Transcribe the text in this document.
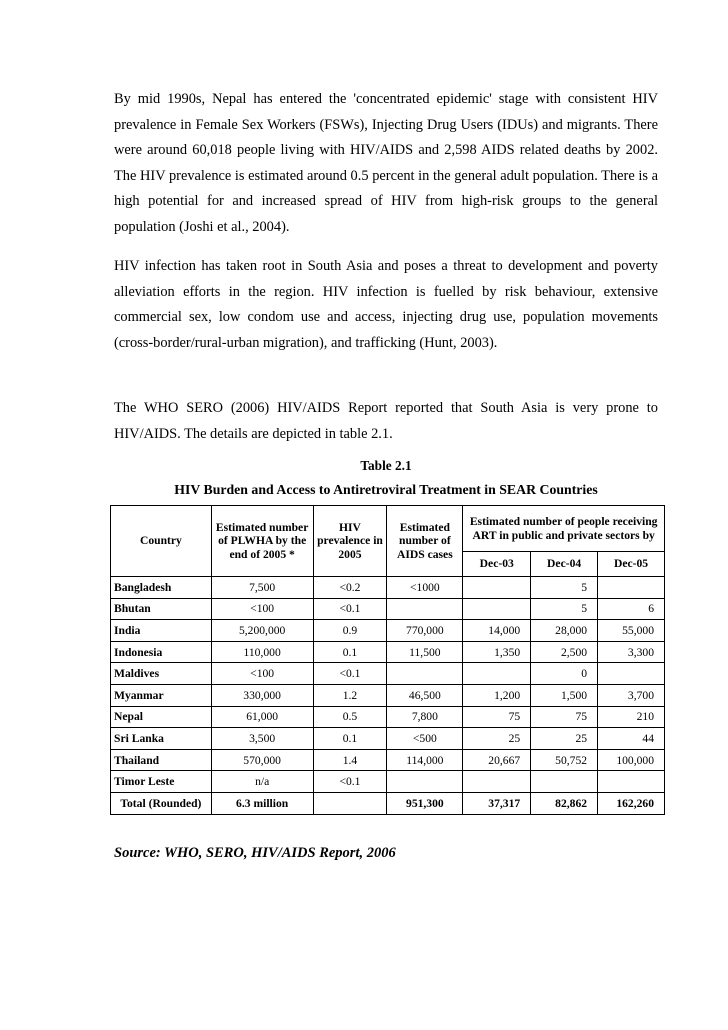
By mid 1990s, Nepal has entered the 'concentrated epidemic' stage with consistent HIV prevalence in Female Sex Workers (FSWs), Injecting Drug Users (IDUs) and migrants. There were around 60,018 people living with HIV/AIDS and 2,598 AIDS related deaths by 2002. The HIV prevalence is estimated around 0.5 percent in the general adult population. There is a high potential for and increased spread of HIV from high-risk groups to the general population (Joshi et al., 2004).

HIV infection has taken root in South Asia and poses a threat to development and poverty alleviation efforts in the region. HIV infection is fuelled by risk behaviour, extensive commercial sex, low condom use and access, injecting drug use, population movements (cross-border/rural-urban migration), and trafficking (Hunt, 2003).

The WHO SERO (2006) HIV/AIDS Report reported that South Asia is very prone to HIV/AIDS. The details are depicted in table 2.1.

Table 2.1

HIV Burden and Access to Antiretroviral Treatment in SEAR Countries

Country	Estimated number of PLWHA by the end of 2005 *	HIV prevalence in 2005	Estimated number of AIDS cases	Estimated number of people receiving ART in public and private sectors by		
				Dec-03	Dec-04	Dec-05
Bangladesh	7,500	<0.2	<1000		5	
Bhutan	<100	<0.1			5	6
India	5,200,000	0.9	770,000	14,000	28,000	55,000
Indonesia	110,000	0.1	11,500	1,350	2,500	3,300
Maldives	<100	<0.1			0	
Myanmar	330,000	1.2	46,500	1,200	1,500	3,700
Nepal	61,000	0.5	7,800	75	75	210
Sri Lanka	3,500	0.1	<500	25	25	44
Thailand	570,000	1.4	114,000	20,667	50,752	100,000
Timor Leste	n/a	<0.1				
Total (Rounded)	6.3 million		951,300	37,317	82,862	162,260

Source: WHO, SERO, HIV/AIDS Report, 2006
